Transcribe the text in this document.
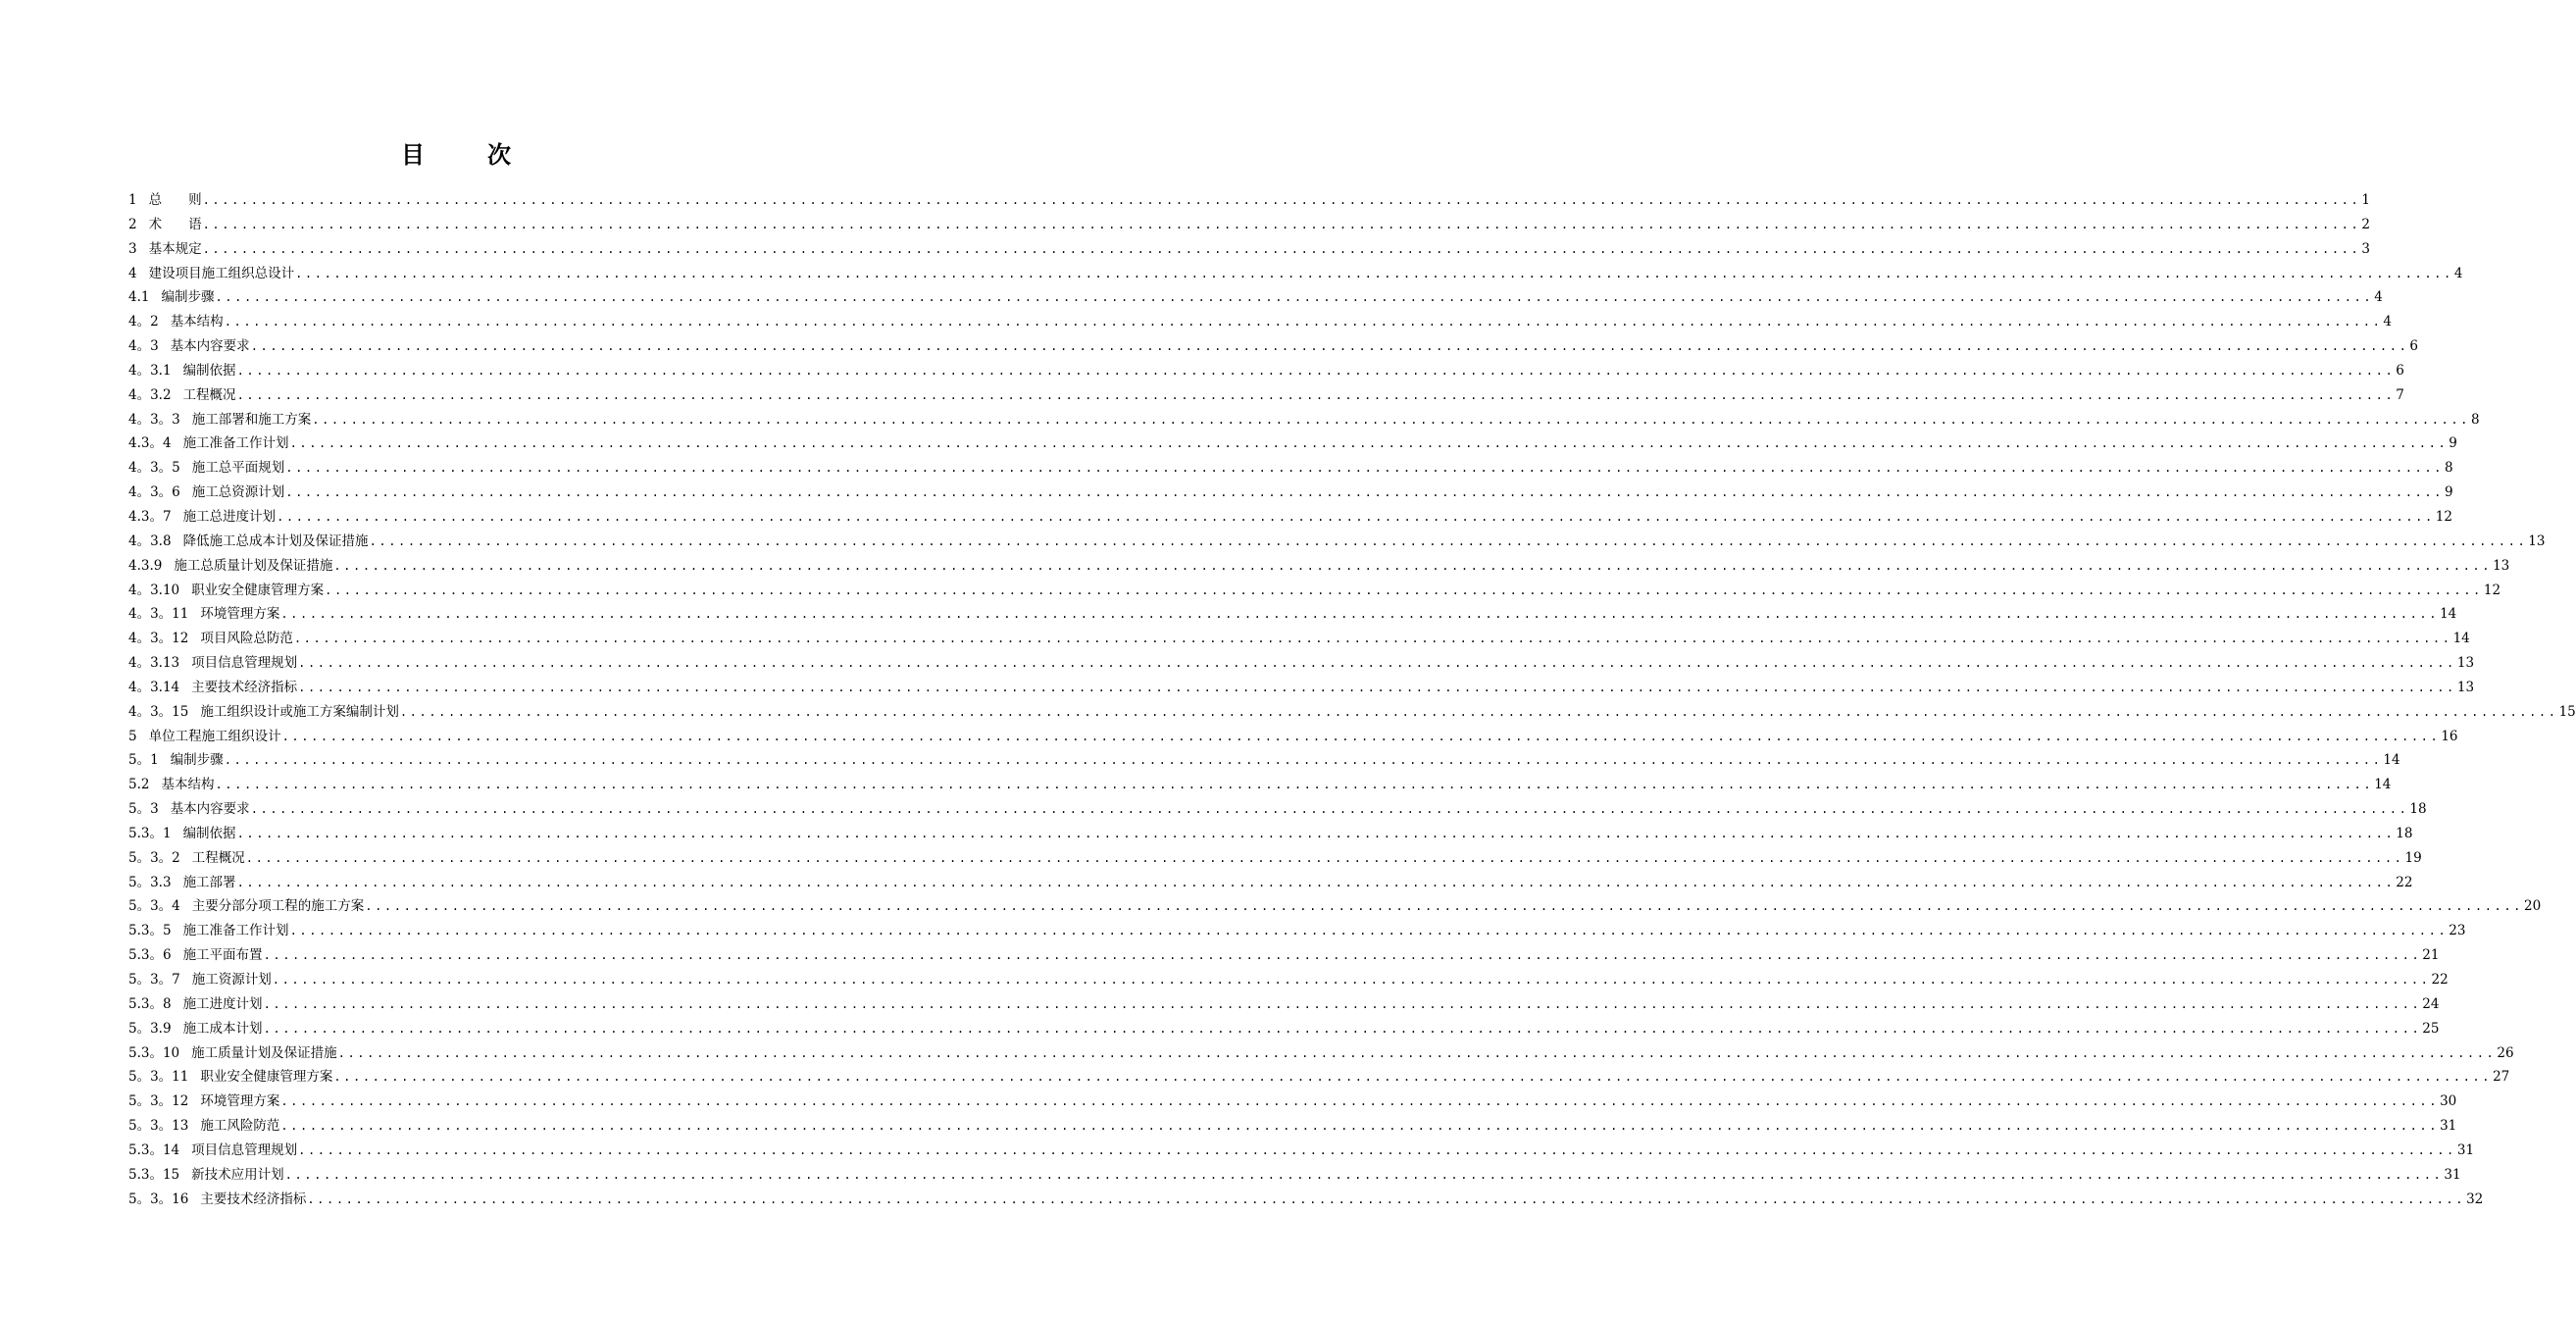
目　次
1 总　　则 ................................................................................................................................................................................................................................ 1
2 术　　语 ................................................................................................................................................................................................................................ 2
3 基本规定 ................................................................................................................................................................................................................................ 3
4 建设项目施工组织总设计 ................................................................................................................................................................................................................................ 4
4.1 编制步骤 ................................................................................................................................................................................................................................ 4
4。2 基本结构 ................................................................................................................................................................................................................................ 4
4。3 基本内容要求 ................................................................................................................................................................................................................................ 6
4。3.1 编制依据 ................................................................................................................................................................................................................................ 6
4。3.2 工程概况 ................................................................................................................................................................................................................................ 7
4。3。3 施工部署和施工方案 ................................................................................................................................................................................................................................ 8
4.3。4 施工准备工作计划 ................................................................................................................................................................................................................................ 9
4。3。5 施工总平面规划 ................................................................................................................................................................................................................................ 8
4。3。6 施工总资源计划 ................................................................................................................................................................................................................................ 9
4.3。7 施工总进度计划 ................................................................................................................................................................................................................................ 12
4。3.8 降低施工总成本计划及保证措施 ................................................................................................................................................................................................................................ 13
4.3.9 施工总质量计划及保证措施 ................................................................................................................................................................................................................................ 13
4。3.10 职业安全健康管理方案 ................................................................................................................................................................................................................................ 12
4。3。11 环境管理方案 ................................................................................................................................................................................................................................ 14
4。3。12 项目风险总防范 ................................................................................................................................................................................................................................ 14
4。3.13 项目信息管理规划 ................................................................................................................................................................................................................................ 13
4。3.14 主要技术经济指标 ................................................................................................................................................................................................................................ 13
4。3。15 施工组织设计或施工方案编制计划 ................................................................................................................................................................................................................................ 15
5 单位工程施工组织设计 ................................................................................................................................................................................................................................ 16
5。1 编制步骤 ................................................................................................................................................................................................................................ 14
5.2 基本结构 ................................................................................................................................................................................................................................ 14
5。3 基本内容要求 ................................................................................................................................................................................................................................ 18
5.3。1 编制依据 ................................................................................................................................................................................................................................ 18
5。3。2 工程概况 ................................................................................................................................................................................................................................ 19
5。3.3 施工部署 ................................................................................................................................................................................................................................ 22
5。3。4 主要分部分项工程的施工方案 ................................................................................................................................................................................................................................ 20
5.3。5 施工准备工作计划 ................................................................................................................................................................................................................................ 23
5.3。6 施工平面布置 ................................................................................................................................................................................................................................ 21
5。3。7 施工资源计划 ................................................................................................................................................................................................................................ 22
5.3。8 施工进度计划 ................................................................................................................................................................................................................................ 24
5。3.9 施工成本计划 ................................................................................................................................................................................................................................ 25
5.3。10 施工质量计划及保证措施 ................................................................................................................................................................................................................................ 26
5。3。11 职业安全健康管理方案 ................................................................................................................................................................................................................................ 27
5。3。12 环境管理方案 ................................................................................................................................................................................................................................ 30
5。3。13 施工风险防范 ................................................................................................................................................................................................................................ 31
5.3。14 项目信息管理规划 ................................................................................................................................................................................................................................ 31
5.3。15 新技术应用计划 ................................................................................................................................................................................................................................ 31
5。3。16 主要技术经济指标 ................................................................................................................................................................................................................................ 32
